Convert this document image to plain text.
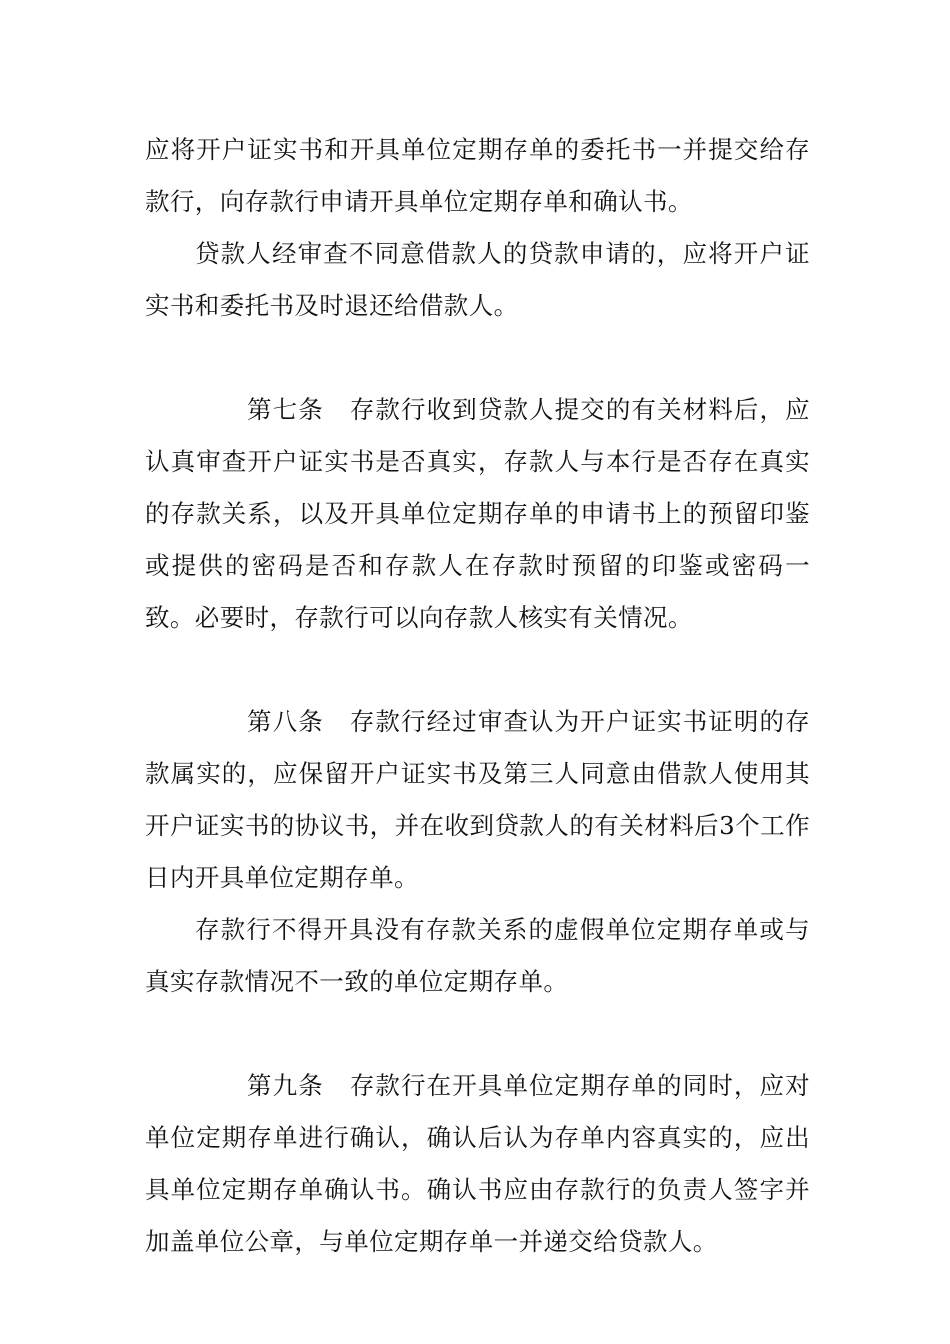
应将开户证实书和开具单位定期存单的委托书一并提交给存款行，向存款行申请开具单位定期存单和确认书。

贷款人经审查不同意借款人的贷款申请的，应将开户证实书和委托书及时退还给借款人。

第七条 存款行收到贷款人提交的有关材料后，应认真审查开户证实书是否真实，存款人与本行是否存在真实的存款关系，以及开具单位定期存单的申请书上的预留印鉴或提供的密码是否和存款人在存款时预留的印鉴或密码一致。必要时，存款行可以向存款人核实有关情况。

第八条 存款行经过审查认为开户证实书证明的存款属实的，应保留开户证实书及第三人同意由借款人使用其开户证实书的协议书，并在收到贷款人的有关材料后3个工作日内开具单位定期存单。

存款行不得开具没有存款关系的虚假单位定期存单或与真实存款情况不一致的单位定期存单。

第九条 存款行在开具单位定期存单的同时，应对单位定期存单进行确认，确认后认为存单内容真实的，应出具单位定期存单确认书。确认书应由存款行的负责人签字并加盖单位公章，与单位定期存单一并递交给贷款人。
